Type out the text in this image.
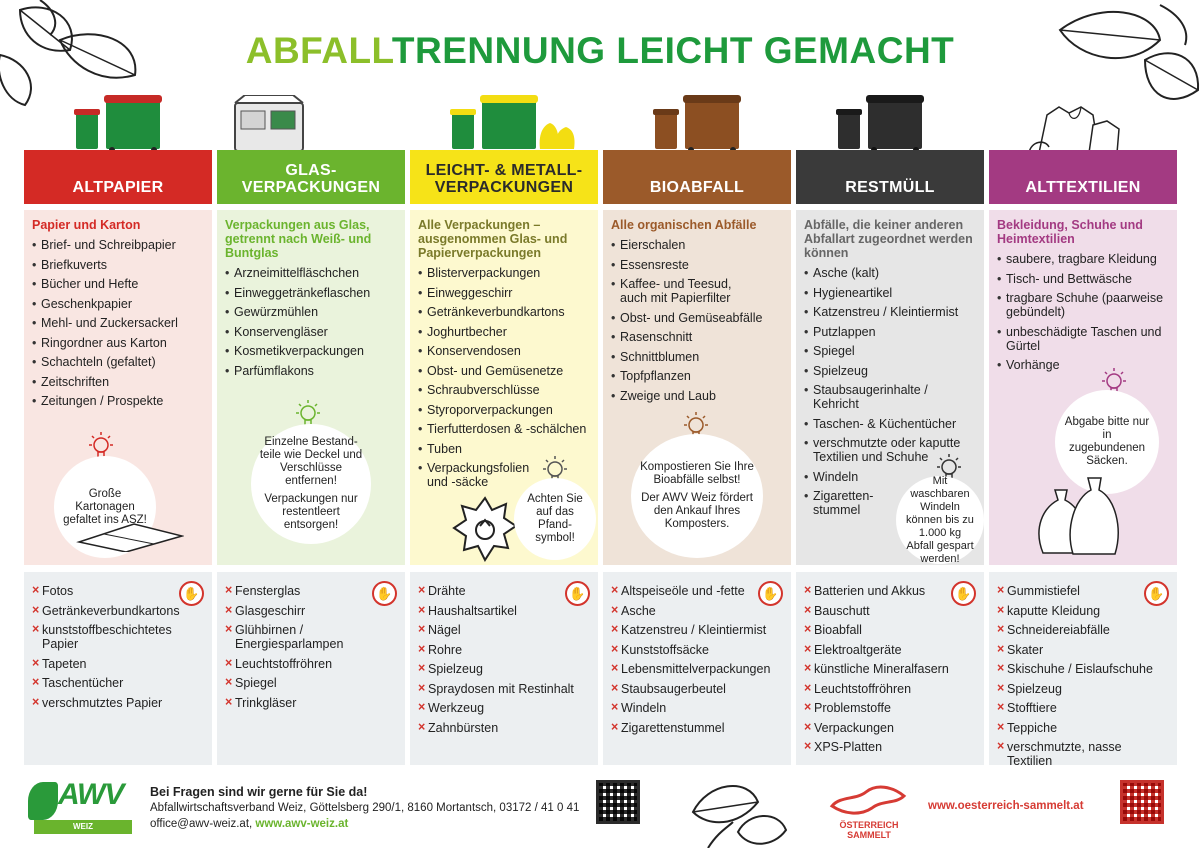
ABFALLTRENNUNG LEICHT GEMACHT
ALTPAPIER
Papier und Karton
• Brief- und Schreibpapier
• Briefkuverts
• Bücher und Hefte
• Geschenkpapier
• Mehl- und Zuckersackerl
• Ringordner aus Karton
• Schachteln (gefaltet)
• Zeitschriften
• Zeitungen / Prospekte
Große Kartonagen gefaltet ins ASZ!
✋
× Fotos
× Getränkeverbundkartons
× kunststoffbeschichtetes Papier
× Tapeten
× Taschentücher
× verschmutztes Papier
GLAS-
VERPACKUNGEN
Verpackungen aus Glas, getrennt nach Weiß- und Buntglas
• Arzneimittelfläschchen
• Einweggetränkeflaschen
• Gewürzmühlen
• Konservengläser
• Kosmetikverpackungen
• Parfümflakons
Einzelne Bestand-teile wie Deckel und Verschlüsse entfernen!
Verpackungen nur restentleert entsorgen!
✋
× Fensterglas
× Glasgeschirr
× Glühbirnen / Energiesparlampen
× Leuchtstoffröhren
× Spiegel
× Trinkgläser
LEICHT- & METALL-
VERPACKUNGEN
Alle Verpackungen – ausgenommen Glas- und Papierverpackungen
• Blisterverpackungen
• Einweggeschirr
• Getränkeverbundkartons
• Joghurtbecher
• Konservendosen
• Obst- und Gemüsenetze
• Schraubverschlüsse
• Styroporverpackungen
• Tierfutterdosen & -schälchen
• Tuben
• Verpackungsfolien und -säcke
Achten Sie auf das Pfand-symbol!
✋
× Drähte
× Haushaltsartikel
× Nägel
× Rohre
× Spielzeug
× Spraydosen mit Restinhalt
× Werkzeug
× Zahnbürsten
BIOABFALL
Alle organischen Abfälle
• Eierschalen
• Essensreste
• Kaffee- und Teesud, auch mit Papierfilter
• Obst- und Gemüseabfälle
• Rasenschnitt
• Schnittblumen
• Topfpflanzen
• Zweige und Laub
Kompostieren Sie Ihre Bioabfälle selbst!
Der AWV Weiz fördert den Ankauf Ihres Komposters.
✋
× Altspeiseöle und -fette
× Asche
× Katzenstreu / Kleintiermist
× Kunststoffsäcke
× Lebensmittelverpackungen
× Staubsaugerbeutel
× Windeln
× Zigarettenstummel
RESTMÜLL
Abfälle, die keiner anderen Abfallart zugeordnet werden können
• Asche (kalt)
• Hygieneartikel
• Katzenstreu / Kleintiermist
• Putzlappen
• Spiegel
• Spielzeug
• Staubsaugerinhalte / Kehricht
• Taschen- & Küchentücher
• verschmutzte oder kaputte Textilien und Schuhe
• Windeln
• Zigaretten-stummel
Mit waschbaren Windeln können bis zu 1.000 kg Abfall gespart werden!
✋
× Batterien und Akkus
× Bauschutt
× Bioabfall
× Elektroaltgeräte
× künstliche Mineralfasern
× Leuchtstoffröhren
× Problemstoffe
× Verpackungen
× XPS-Platten
ALTTEXTILIEN
Bekleidung, Schuhe und Heimtextilien
• saubere, tragbare Kleidung
• Tisch- und Bettwäsche
• tragbare Schuhe (paarweise gebündelt)
• unbeschädigte Taschen und Gürtel
• Vorhänge
Abgabe bitte nur in zugebundenen Säcken.
✋
× Gummistiefel
× kaputte Kleidung
× Schneidereiabfälle
× Skater
× Skischuhe / Eislaufschuhe
× Spielzeug
× Stofftiere
× Teppiche
× verschmutzte, nasse Textilien
AWV
WEIZ
Bei Fragen sind wir gerne für Sie da!
Abfallwirtschaftsverband Weiz, Göttelsberg 290/1, 8160 Mortantsch, 03172 / 41 0 41
office@awv-weiz.at, www.awv-weiz.at	ÖSTERREICH
SAMMELT
www.oesterreich-sammelt.at
